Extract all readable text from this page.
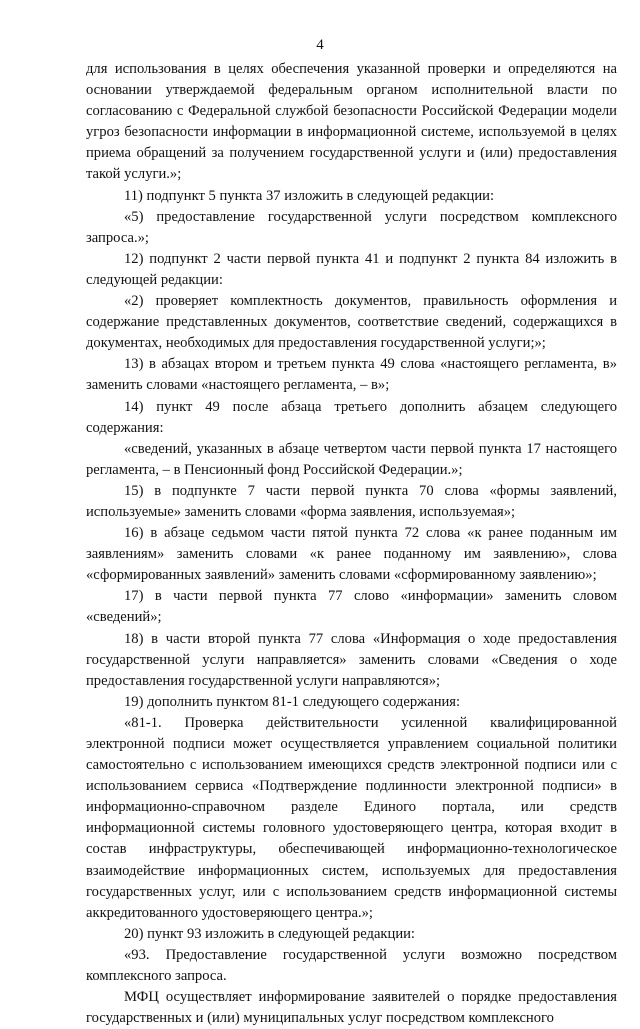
4

для использования в целях обеспечения указанной проверки и определяются на основании утверждаемой федеральным органом исполнительной власти по согласованию с Федеральной службой безопасности Российской Федерации модели угроз безопасности информации в информационной системе, используемой в целях приема обращений за получением государственной услуги и (или) предоставления такой услуги.»;

11) подпункт 5 пункта 37 изложить в следующей редакции:

«5) предоставление государственной услуги посредством комплексного запроса.»;

12) подпункт 2 части первой пункта 41 и подпункт 2 пункта 84 изложить в следующей редакции:

«2) проверяет комплектность документов, правильность оформления и содержание представленных документов, соответствие сведений, содержащихся в документах, необходимых для предоставления государственной услуги;»;

13) в абзацах втором и третьем пункта 49 слова «настоящего регламента, в» заменить словами «настоящего регламента, – в»;

14) пункт 49 после абзаца третьего дополнить абзацем следующего содержания:

«сведений, указанных в абзаце четвертом части первой пункта 17 настоящего регламента, – в Пенсионный фонд Российской Федерации.»;

15) в подпункте 7 части первой пункта 70 слова «формы заявлений, используемые» заменить словами «форма заявления, используемая»;

16) в абзаце седьмом части пятой пункта 72 слова «к ранее поданным им заявлениям» заменить словами «к ранее поданному им заявлению», слова «сформированных заявлений» заменить словами «сформированному заявлению»;

17) в части первой пункта 77 слово «информации» заменить словом «сведений»;

18) в части второй пункта 77 слова «Информация о ходе предоставления государственной услуги направляется» заменить словами «Сведения о ходе предоставления государственной услуги направляются»;

19) дополнить пунктом 81-1 следующего содержания:

«81-1. Проверка действительности усиленной квалифицированной электронной подписи может осуществляется управлением социальной политики самостоятельно с использованием имеющихся средств электронной подписи или с использованием сервиса «Подтверждение подлинности электронной подписи» в информационно-справочном разделе Единого портала, или средств информационной системы головного удостоверяющего центра, которая входит в состав инфраструктуры, обеспечивающей информационно-технологическое взаимодействие информационных систем, используемых для предоставления государственных услуг, или с использованием средств информационной системы аккредитованного удостоверяющего центра.»;

20) пункт 93 изложить в следующей редакции:

«93. Предоставление государственной услуги возможно посредством комплексного запроса.

МФЦ осуществляет информирование заявителей о порядке предоставления государственных и (или) муниципальных услуг посредством комплексного
